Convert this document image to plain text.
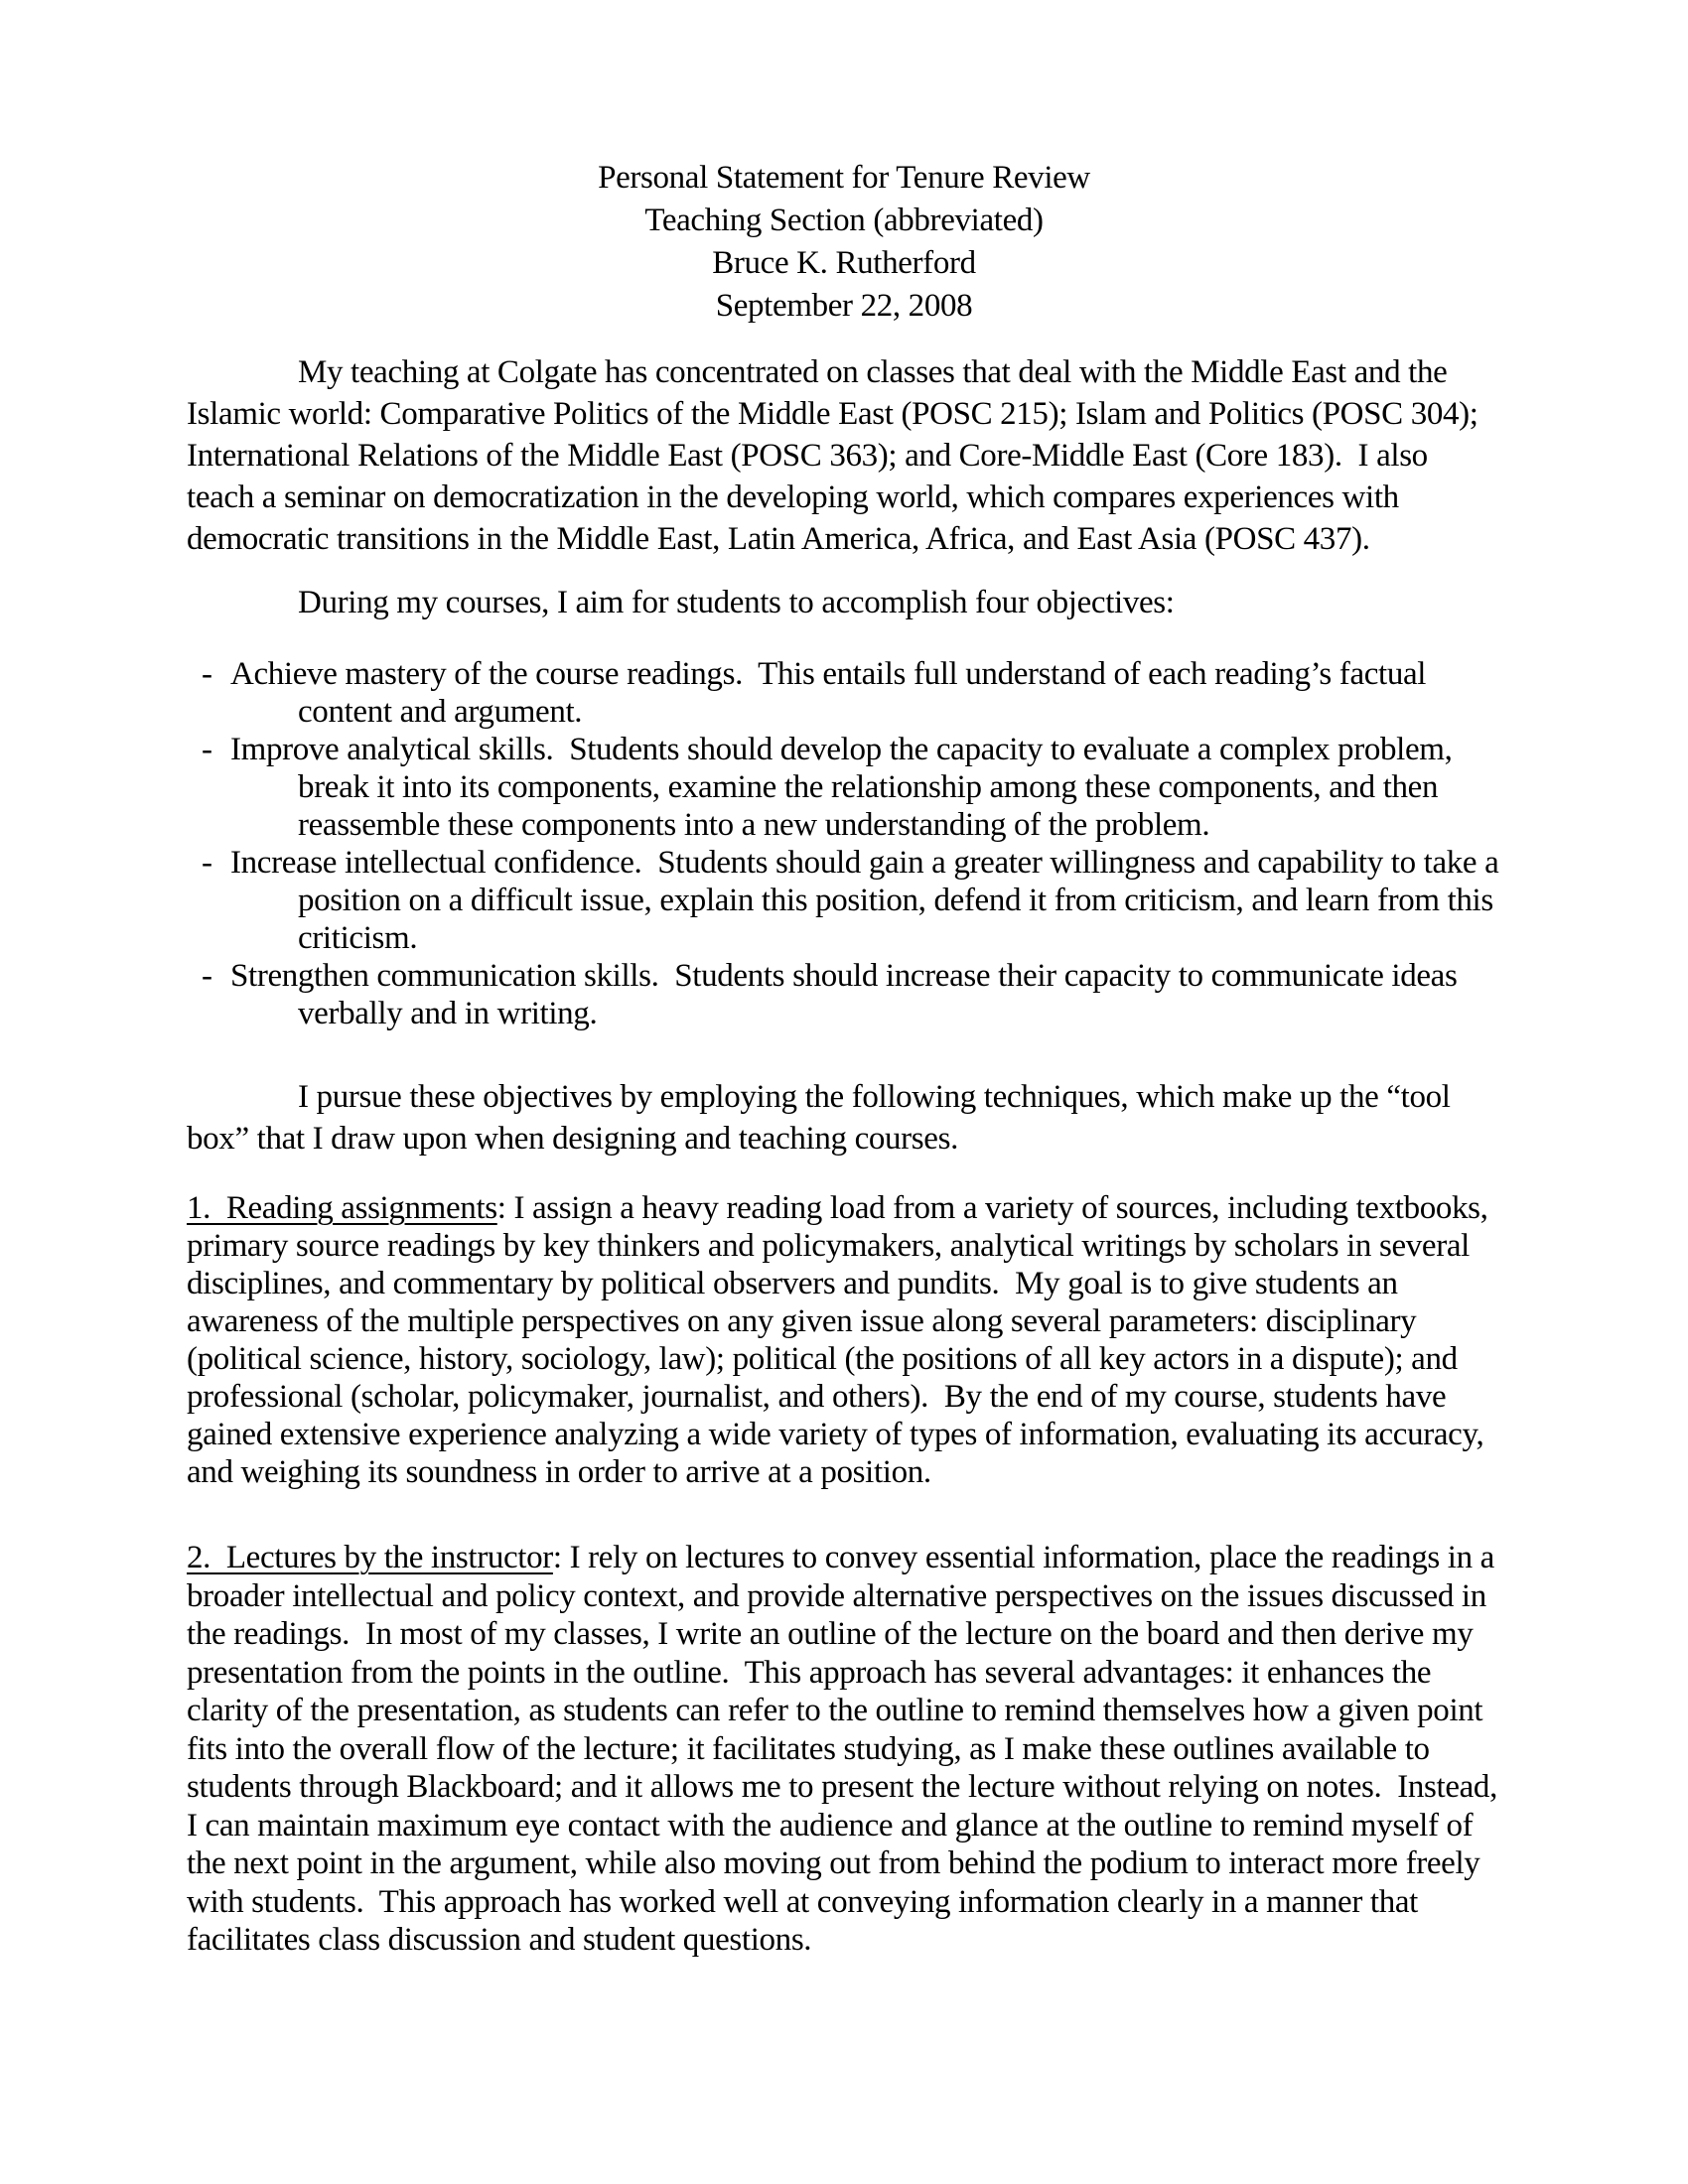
Personal Statement for Tenure Review
Teaching Section (abbreviated)
Bruce K. Rutherford
September 22, 2008

My teaching at Colgate has concentrated on classes that deal with the Middle East and the Islamic world: Comparative Politics of the Middle East (POSC 215); Islam and Politics (POSC 304); International Relations of the Middle East (POSC 363); and Core-Middle East (Core 183).  I also teach a seminar on democratization in the developing world, which compares experiences with democratic transitions in the Middle East, Latin America, Africa, and East Asia (POSC 437).

During my courses, I aim for students to accomplish four objectives:

- Achieve mastery of the course readings.  This entails full understand of each reading’s factual content and argument.
- Improve analytical skills.  Students should develop the capacity to evaluate a complex problem, break it into its components, examine the relationship among these components, and then reassemble these components into a new understanding of the problem.
- Increase intellectual confidence.  Students should gain a greater willingness and capability to take a position on a difficult issue, explain this position, defend it from criticism, and learn from this criticism.
- Strengthen communication skills.  Students should increase their capacity to communicate ideas verbally and in writing.

I pursue these objectives by employing the following techniques, which make up the “tool box” that I draw upon when designing and teaching courses.

1.  Reading assignments: I assign a heavy reading load from a variety of sources, including textbooks, primary source readings by key thinkers and policymakers, analytical writings by scholars in several disciplines, and commentary by political observers and pundits.  My goal is to give students an awareness of the multiple perspectives on any given issue along several parameters: disciplinary (political science, history, sociology, law); political (the positions of all key actors in a dispute); and professional (scholar, policymaker, journalist, and others).  By the end of my course, students have gained extensive experience analyzing a wide variety of types of information, evaluating its accuracy, and weighing its soundness in order to arrive at a position.

2.  Lectures by the instructor: I rely on lectures to convey essential information, place the readings in a broader intellectual and policy context, and provide alternative perspectives on the issues discussed in the readings.  In most of my classes, I write an outline of the lecture on the board and then derive my presentation from the points in the outline.  This approach has several advantages: it enhances the clarity of the presentation, as students can refer to the outline to remind themselves how a given point fits into the overall flow of the lecture; it facilitates studying, as I make these outlines available to students through Blackboard; and it allows me to present the lecture without relying on notes.  Instead, I can maintain maximum eye contact with the audience and glance at the outline to remind myself of the next point in the argument, while also moving out from behind the podium to interact more freely with students.  This approach has worked well at conveying information clearly in a manner that facilitates class discussion and student questions.
